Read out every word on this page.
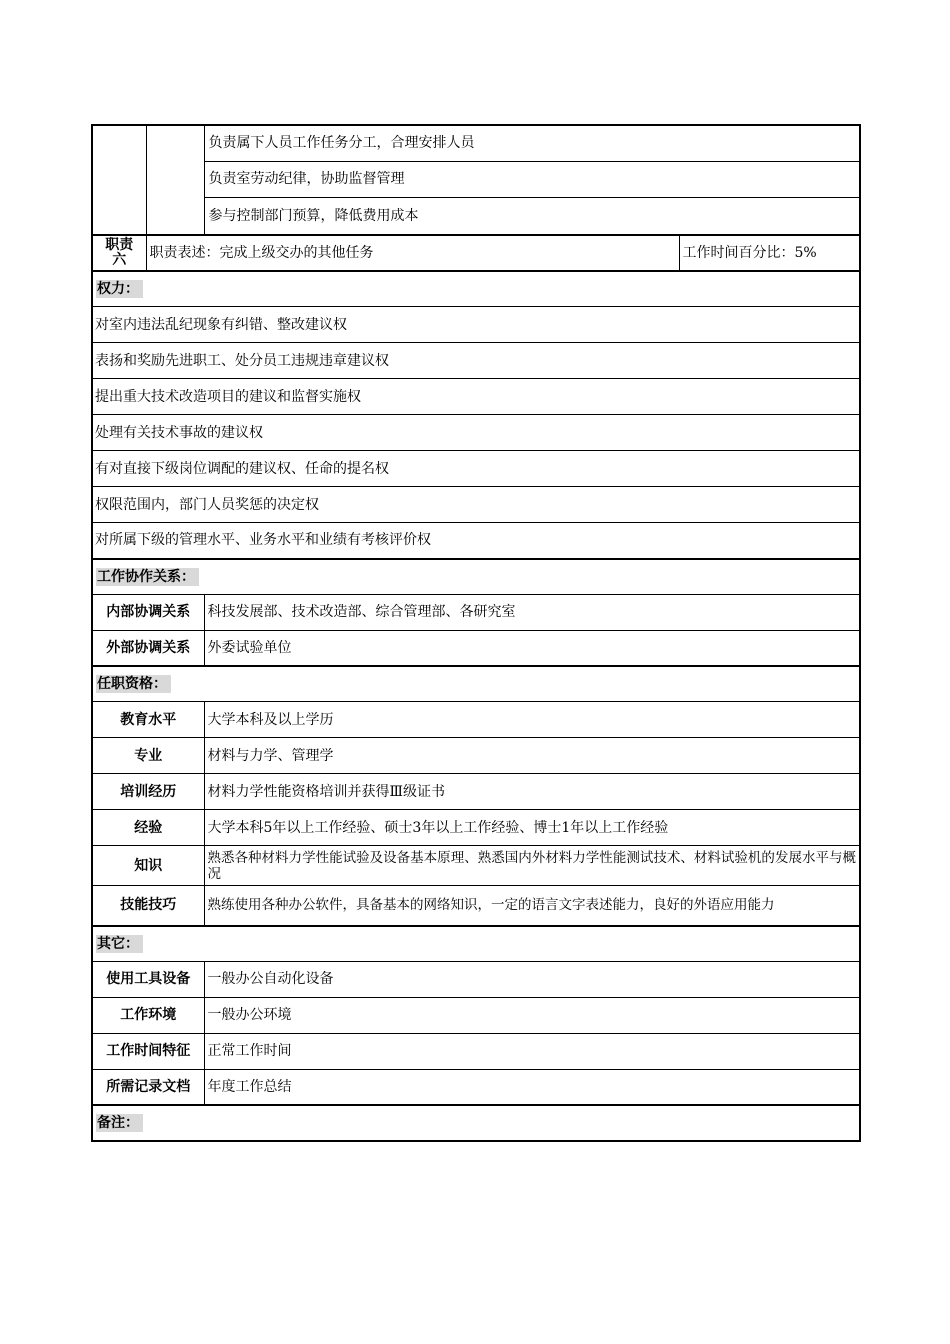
		负责属下人员工作任务分工，合理安排人员	
		负责室劳动纪律，协助监督管理	
		参与控制部门预算，降低费用成本	
职责
六	职责表述：完成上级交办的其他任务		工作时间百分比：5%
权力：			
对室内违法乱纪现象有纠错、整改建议权			
表扬和奖励先进职工、处分员工违规违章建议权			
提出重大技术改造项目的建议和监督实施权			
处理有关技术事故的建议权			
有对直接下级岗位调配的建议权、任命的提名权			
权限范围内，部门人员奖惩的决定权			
对所属下级的管理水平、业务水平和业绩有考核评价权			
工作协作关系：			
内部协调关系		科技发展部、技术改造部、综合管理部、各研究室	
外部协调关系		外委试验单位	
任职资格：			
教育水平		大学本科及以上学历	
专业		材料与力学、管理学	
培训经历		材料力学性能资格培训并获得Ⅲ级证书	
经验		大学本科5年以上工作经验、硕士3年以上工作经验、博士1年以上工作经验	
知识		熟悉各种材料力学性能试验及设备基本原理、熟悉国内外材料力学性能测试技术、材料试验机的发展水平与概况	
技能技巧		熟练使用各种办公软件，具备基本的网络知识，一定的语言文字表述能力，良好的外语应用能力	
其它：			
使用工具设备		一般办公自动化设备	
工作环境		一般办公环境	
工作时间特征		正常工作时间	
所需记录文档		年度工作总结	
备注：			
